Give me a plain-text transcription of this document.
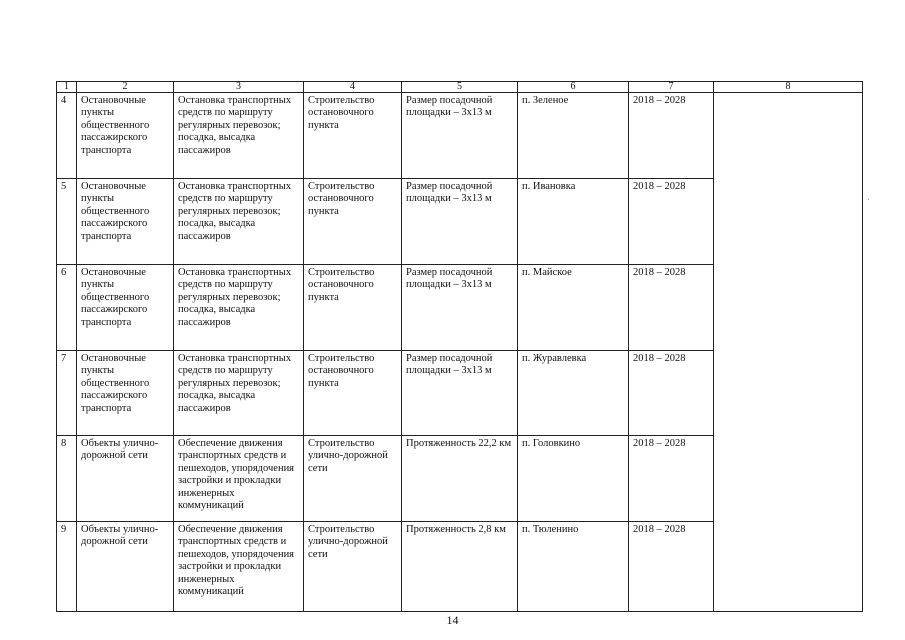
1	2	3	4	5	6	7	8
4	Остановочные пункты общественного пассажирского транспорта	Остановка транспортных средств по маршруту регулярных перевозок; посадка, высадка пассажиров	Строительство остановочного пункта	Размер посадочной площадки – 3х13 м	п. Зеленое	2018 – 2028	
5	Остановочные пункты общественного пассажирского транспорта	Остановка транспортных средств по маршруту регулярных перевозок; посадка, высадка пассажиров	Строительство остановочного пункта	Размер посадочной площадки – 3х13 м	п. Ивановка	2018 – 2028	
6	Остановочные пункты общественного пассажирского транспорта	Остановка транспортных средств по маршруту регулярных перевозок; посадка, высадка пассажиров	Строительство остановочного пункта	Размер посадочной площадки – 3х13 м	п. Майское	2018 – 2028	
7	Остановочные пункты общественного пассажирского транспорта	Остановка транспортных средств по маршруту регулярных перевозок; посадка, высадка пассажиров	Строительство остановочного пункта	Размер посадочной площадки – 3х13 м	п. Журавлевка	2018 – 2028	
8	Объекты улично-дорожной сети	Обеспечение движения транспортных средств и пешеходов, упорядочения застройки и прокладки инженерных коммуникаций	Строительство улично-дорожной сети	Протяженность 22,2 км	п. Головкино	2018 – 2028	
9	Объекты улично-дорожной сети	Обеспечение движения транспортных средств и пешеходов, упорядочения застройки и прокладки инженерных коммуникаций	Строительство улично-дорожной сети	Протяженность 2,8 км	п. Тюленино	2018 – 2028	
14
